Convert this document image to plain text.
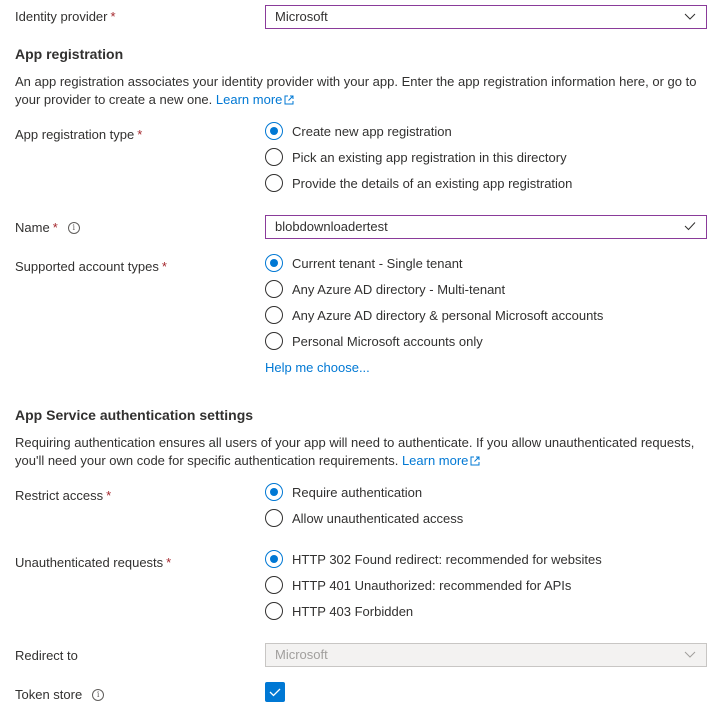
Identity provider *	Microsoft
App registration
An app registration associates your identity provider with your app. Enter the app registration information here, or go to your provider to create a new one. Learn more
App registration type *	Create new app registration
Pick an existing app registration in this directory
Provide the details of an existing app registration
Name * i	blobdownloadertest
Supported account types *	Current tenant - Single tenant
Any Azure AD directory - Multi-tenant
Any Azure AD directory & personal Microsoft accounts
Personal Microsoft accounts only
Help me choose...
App Service authentication settings
Requiring authentication ensures all users of your app will need to authenticate. If you allow unauthenticated requests, you'll need your own code for specific authentication requirements. Learn more
Restrict access *	Require authentication
Allow unauthenticated access
Unauthenticated requests *	HTTP 302 Found redirect: recommended for websites
HTTP 401 Unauthorized: recommended for APIs
HTTP 403 Forbidden
Redirect to	Microsoft
Token store i
